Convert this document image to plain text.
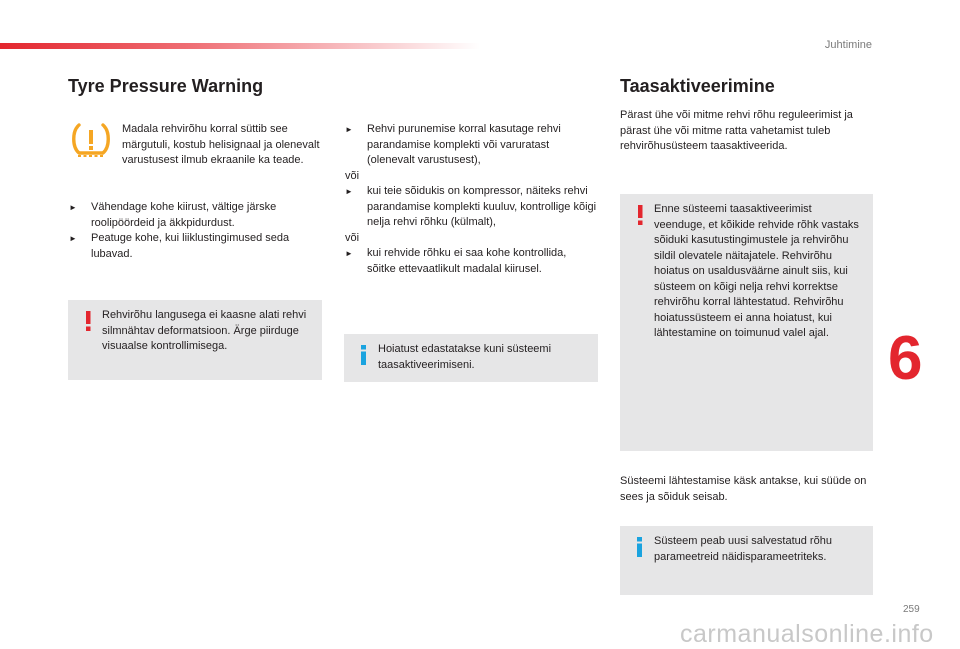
Juhtimine
6
259
carmanualsonline.info
Tyre Pressure Warning
Madala rehvirõhu korral süttib see märgutuli, kostub helisignaal ja olenevalt varustusest ilmub ekraanile ka teade.
► Vähendage kohe kiirust, vältige järske roolipöördeid ja äkkpidurdust.
► Peatuge kohe, kui liiklustingimused seda lubavad.
Rehvirõhu langusega ei kaasne alati rehvi silmnähtav deformatsioon. Ärge piirduge visuaalse kontrollimisega.
► Rehvi purunemise korral kasutage rehvi parandamise komplekti või varuratast (olenevalt varustusest),
või
► kui teie sõidukis on kompressor, näiteks rehvi parandamise komplekti kuuluv, kontrollige kõigi nelja rehvi rõhku (külmalt),
või
► kui rehvide rõhku ei saa kohe kontrollida, sõitke ettevaatlikult madalal kiirusel.
Hoiatust edastatakse kuni süsteemi taasaktiveerimiseni.
Taasaktiveerimine
Pärast ühe või mitme rehvi rõhu reguleerimist ja pärast ühe või mitme ratta vahetamist tuleb rehvirõhusüsteem taasaktiveerida.
Enne süsteemi taasaktiveerimist veenduge, et kõikide rehvide rõhk vastaks sõiduki kasutustingimustele ja rehvirõhu sildil olevatele näitajatele. Rehvirõhu hoiatus on usaldusväärne ainult siis, kui süsteem on kõigi nelja rehvi korrektse rehvirõhu korral lähtestatud. Rehvirõhu hoiatussüsteem ei anna hoiatust, kui lähtestamine on toimunud valel ajal.
Süsteemi lähtestamise käsk antakse, kui süüde on sees ja sõiduk seisab.
Süsteem peab uusi salvestatud rõhu parameetreid näidisparameetriteks.
